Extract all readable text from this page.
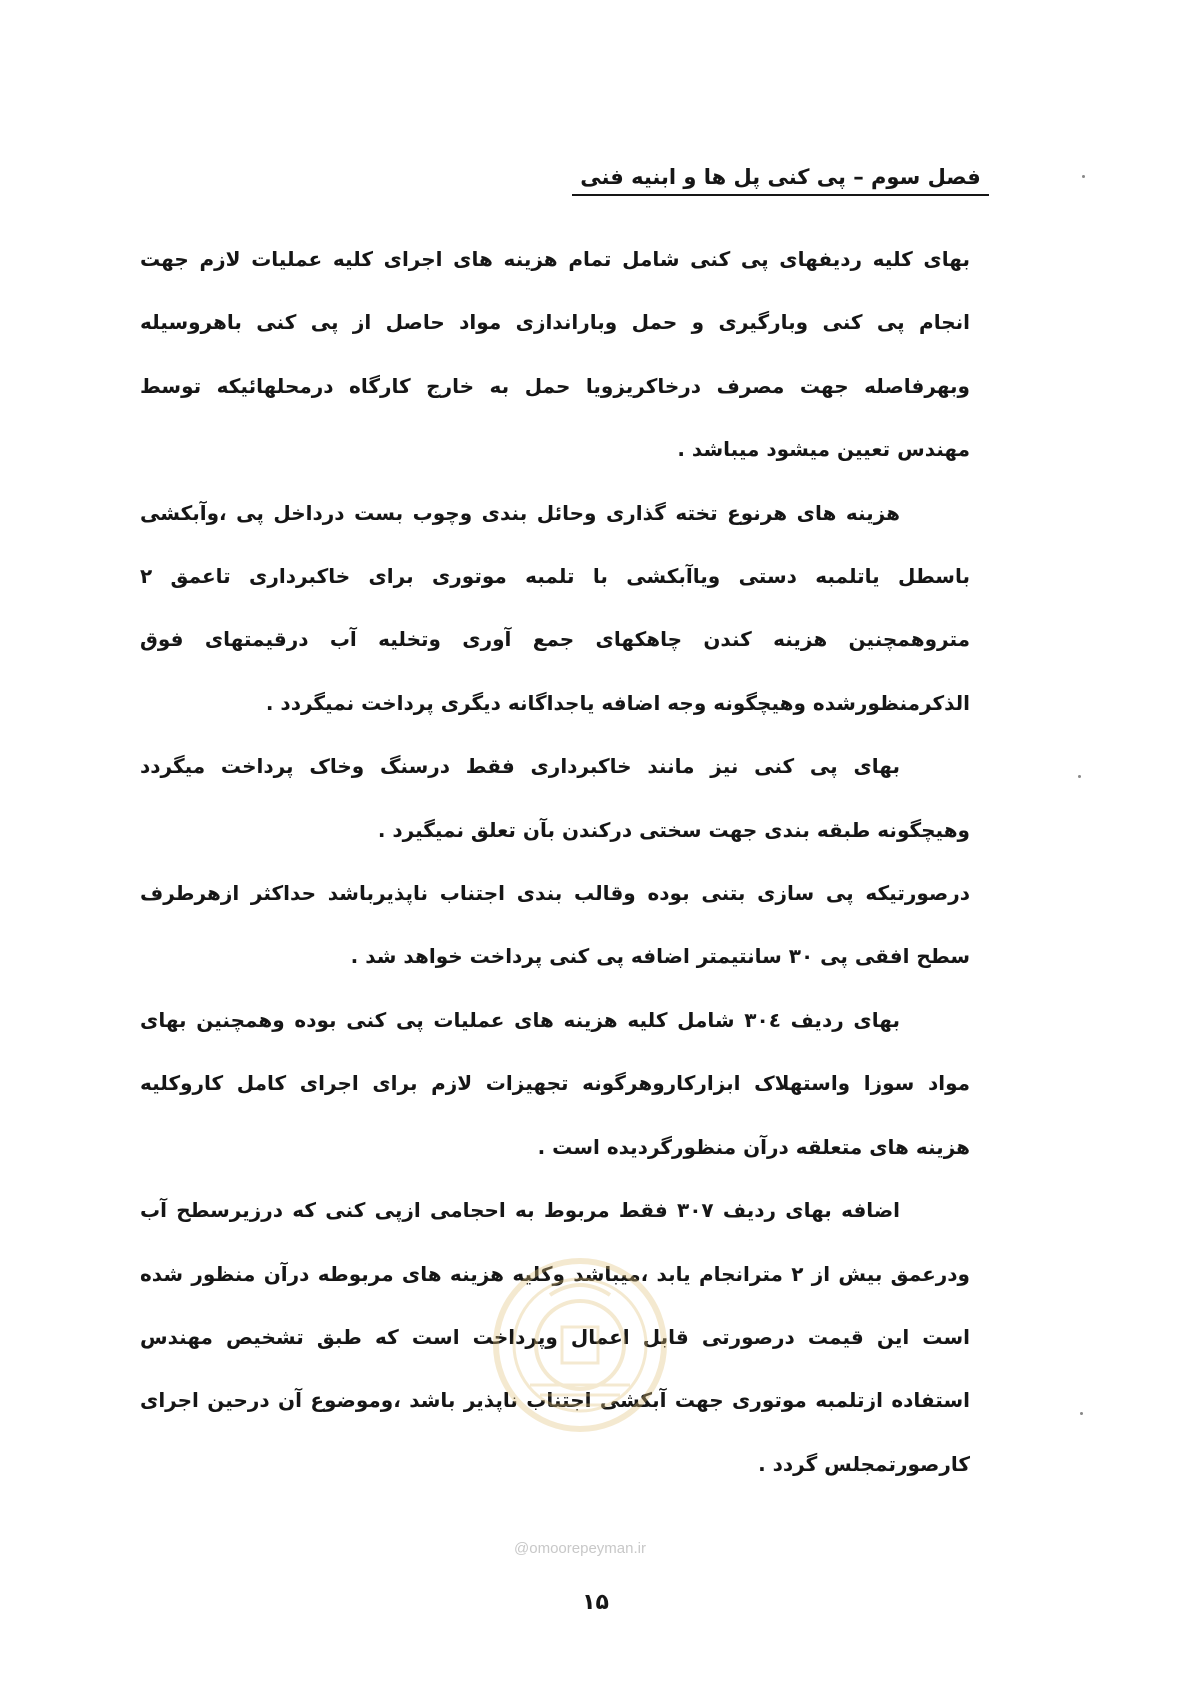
فصل سوم – پی کنی پل ها و ابنیه فنی

بهای کلیه ردیفهای پی کنی شامل تمام هزینه های اجرای کلیه عملیات لازم جهت انجام پی کنی وبارگیری و حمل وباراندازی مواد حاصل از پی کنی باهروسیله وبهرفاصله جهت مصرف درخاکریزویا حمل به خارج کارگاه درمحلهائیکه توسط مهندس تعیین میشود میباشد .

هزینه های هرنوع تخته گذاری وحائل بندی وچوب بست درداخل پی ،وآبکشی باسطل یاتلمبه دستی ویاآبکشی با تلمبه موتوری برای خاکبرداری تاعمق ۲ متروهمچنین هزینه کندن چاهکهای جمع آوری وتخلیه آب درقیمتهای فوق الذکرمنظورشده وهیچگونه وجه اضافه یاجداگانه دیگری پرداخت نمیگردد .

بهای پی کنی نیز مانند خاکبرداری فقط درسنگ وخاک پرداخت میگردد وهیچگونه طبقه بندی جهت سختی درکندن بآن تعلق نمیگیرد .

درصورتیکه پی سازی بتنی بوده وقالب بندی اجتناب ناپذیرباشد حداکثر ازهرطرف سطح افقی پی ۳۰ سانتیمتر اضافه پی کنی پرداخت خواهد شد .

بهای ردیف ۳۰٤ شامل کلیه هزینه های عملیات پی کنی بوده وهمچنین بهای مواد سوزا واستهلاک ابزارکاروهرگونه تجهیزات لازم برای اجرای کامل کاروکلیه هزینه های متعلقه درآن منظورگردیده است .

اضافه بهای ردیف ۳۰۷ فقط مربوط به احجامی ازپی کنی که درزیرسطح آب ودرعمق بیش از ۲ مترانجام یابد ،میباشد وکلیه هزینه های مربوطه درآن منظور شده است این قیمت درصورتی قابل اعمال وپرداخت است که طبق تشخیص مهندس استفاده ازتلمبه موتوری جهت آبکشی اجتناب ناپذیر باشد ،وموضوع آن درحین اجرای کارصورتمجلس گردد .

@omoorepeyman.ir
۱۵
